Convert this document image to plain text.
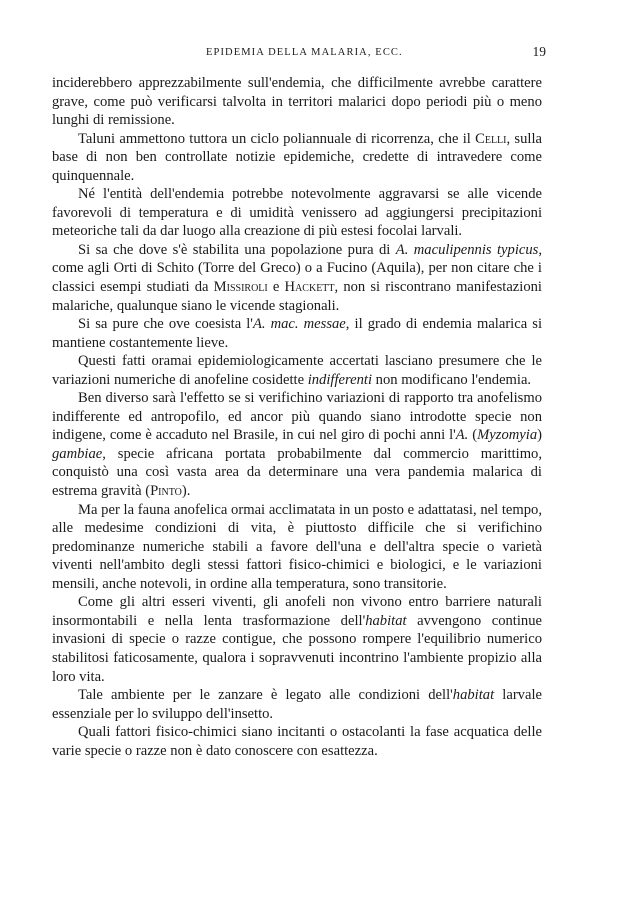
EPIDEMIA DELLA MALARIA, ECC.	19

inciderebbero apprezzabilmente sull'endemia, che difficilmente avrebbe carattere grave, come può verificarsi talvolta in territori malarici dopo periodi più o meno lunghi di remissione.

Taluni ammettono tuttora un ciclo poliannuale di ricorrenza, che il Celli, sulla base di non ben controllate notizie epidemiche, credette di intravedere come quinquennale.

Né l'entità dell'endemia potrebbe notevolmente aggravarsi se alle vicende favorevoli di temperatura e di umidità venissero ad aggiungersi precipitazioni meteoriche tali da dar luogo alla creazione di più estesi focolai larvali.

Si sa che dove s'è stabilita una popolazione pura di A. maculipennis typicus, come agli Orti di Schito (Torre del Greco) o a Fucino (Aquila), per non citare che i classici esempi studiati da Missiroli e Hackett, non si riscontrano manifestazioni malariche, qualunque siano le vicende stagionali.

Si sa pure che ove coesista l'A. mac. messae, il grado di endemia malarica si mantiene costantemente lieve.

Questi fatti oramai epidemiologicamente accertati lasciano presumere che le variazioni numeriche di anofeline cosidette indifferenti non modificano l'endemia.

Ben diverso sarà l'effetto se si verifichino variazioni di rapporto tra anofelismo indifferente ed antropofilo, ed ancor più quando siano introdotte specie non indigene, come è accaduto nel Brasile, in cui nel giro di pochi anni l'A. (Myzomyia) gambiae, specie africana portata probabilmente dal commercio marittimo, conquistò una così vasta area da determinare una vera pandemia malarica di estrema gravità (Pinto).

Ma per la fauna anofelica ormai acclimatata in un posto e adattatasi, nel tempo, alle medesime condizioni di vita, è piuttosto difficile che si verifichino predominanze numeriche stabili a favore dell'una e dell'altra specie o varietà viventi nell'ambito degli stessi fattori fisico-chimici e biologici, e le variazioni mensili, anche notevoli, in ordine alla temperatura, sono transitorie.

Come gli altri esseri viventi, gli anofeli non vivono entro barriere naturali insormontabili e nella lenta trasformazione dell'habitat avvengono continue invasioni di specie o razze contigue, che possono rompere l'equilibrio numerico stabilitosi faticosamente, qualora i sopravvenuti incontrino l'ambiente propizio alla loro vita.

Tale ambiente per le zanzare è legato alle condizioni dell'habitat larvale essenziale per lo sviluppo dell'insetto.

Quali fattori fisico-chimici siano incitanti o ostacolanti la fase acquatica delle varie specie o razze non è dato conoscere con esattezza.
